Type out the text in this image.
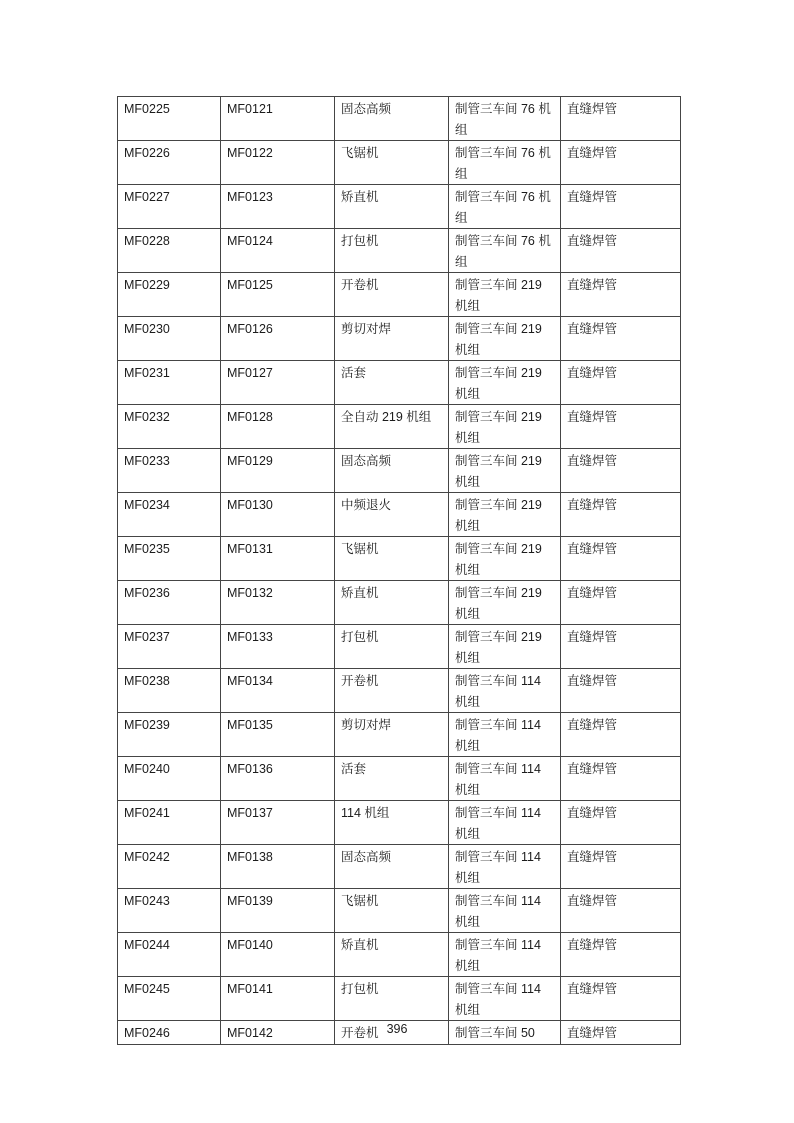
MF0225	MF0121	固态高频	制管三车间 76 机组	直缝焊管
MF0226	MF0122	飞锯机	制管三车间 76 机组	直缝焊管
MF0227	MF0123	矫直机	制管三车间 76 机组	直缝焊管
MF0228	MF0124	打包机	制管三车间 76 机组	直缝焊管
MF0229	MF0125	开卷机	制管三车间 219 机组	直缝焊管
MF0230	MF0126	剪切对焊	制管三车间 219 机组	直缝焊管
MF0231	MF0127	活套	制管三车间 219 机组	直缝焊管
MF0232	MF0128	全自动 219 机组	制管三车间 219 机组	直缝焊管
MF0233	MF0129	固态高频	制管三车间 219 机组	直缝焊管
MF0234	MF0130	中频退火	制管三车间 219 机组	直缝焊管
MF0235	MF0131	飞锯机	制管三车间 219 机组	直缝焊管
MF0236	MF0132	矫直机	制管三车间 219 机组	直缝焊管
MF0237	MF0133	打包机	制管三车间 219 机组	直缝焊管
MF0238	MF0134	开卷机	制管三车间 114 机组	直缝焊管
MF0239	MF0135	剪切对焊	制管三车间 114 机组	直缝焊管
MF0240	MF0136	活套	制管三车间 114 机组	直缝焊管
MF0241	MF0137	114 机组	制管三车间 114 机组	直缝焊管
MF0242	MF0138	固态高频	制管三车间 114 机组	直缝焊管
MF0243	MF0139	飞锯机	制管三车间 114 机组	直缝焊管
MF0244	MF0140	矫直机	制管三车间 114 机组	直缝焊管
MF0245	MF0141	打包机	制管三车间 114 机组	直缝焊管
MF0246	MF0142	开卷机	制管三车间 50	直缝焊管
396
